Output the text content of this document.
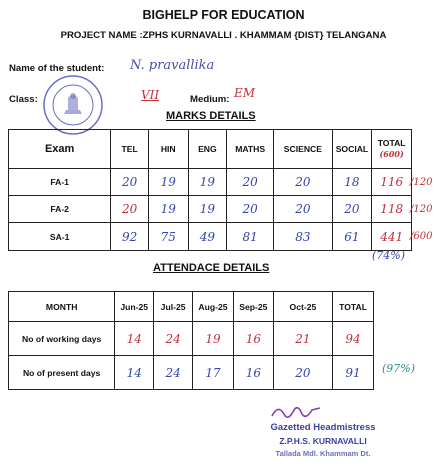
BIGHELP FOR EDUCATION
PROJECT NAME :ZPHS KURNAVALLI . KHAMMAM {DIST} TELANGANA
Name of the student: N. pravallika
Class:	VII	Medium: EM
MARKS DETAILS
Exam	TEL	HIN	ENG	MATHS	SCIENCE	SOCIAL	TOTAL
(600)

FA-1	20	19	19	20	20	18	116
FA-2	20	19	19	20	20	20	118
SA-1	92	75	49	81	83	61	441
/120
/120
/600
(74%)
ATTENDACE DETAILS
MONTH	Jun-25	Jul-25	Aug-25	Sep-25	Oct-25	TOTAL
No of working days	14	24	19	16	21	94
No of present days	14	24	17	16	20	91 (97%)
Gazetted Headmistress
Z.P.H.S. KURNAVALLI
Tallada Mdl. Khammam Dt.
